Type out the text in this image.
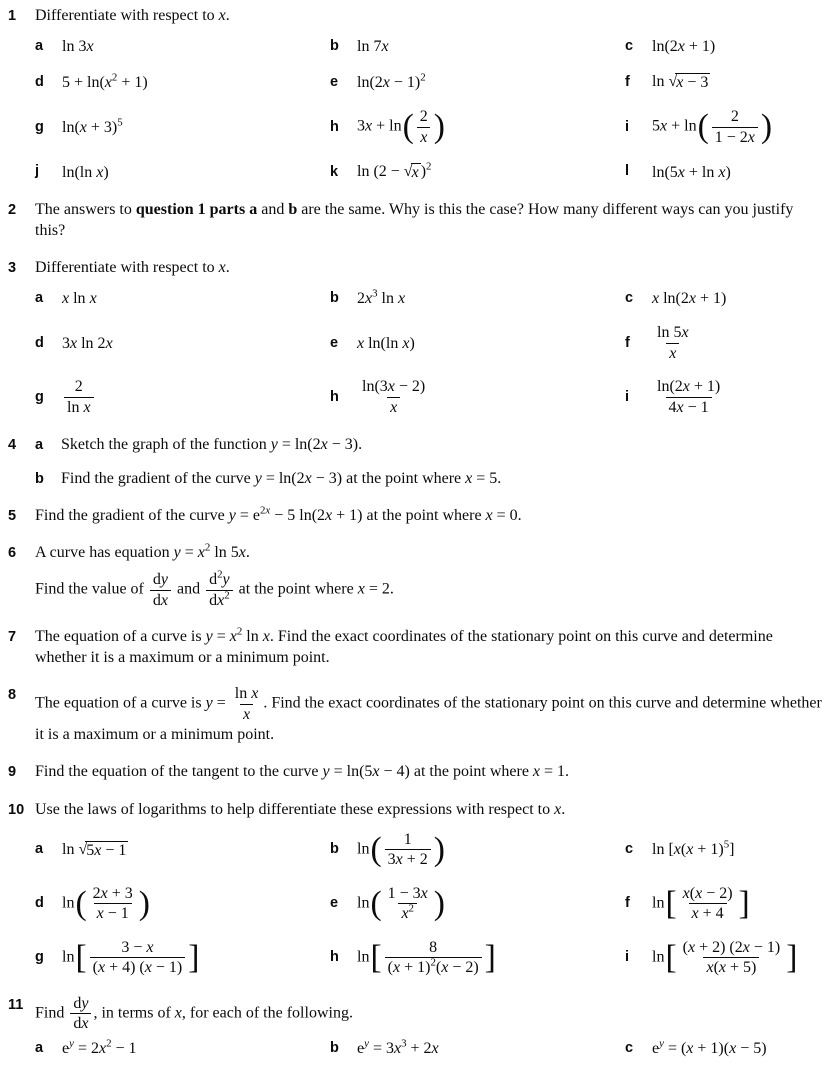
1	Differentiate with respect to x.
a	ln 3x	b	ln 7x	c	ln(2x + 1)
d	$5 + \ln(x^2 + 1)$	e	$\ln(2x - 1)^2$	f	ln √ x − 3
g	$\ln(x + 3)^5$	h	3x + ln ( $\frac{2}{x}$ )	i	5x + ln ( $\frac{2}{1 - 2x}$ )
j	ln(ln x)	k	ln (2 − √ x )$^2$	l	ln(5x + ln x)
2	The answers to question 1 parts a and b are the same. Why is this the case? How many different ways can you justify this?
3	Differentiate with respect to x.
a	x ln x	b	$2x^3$ ln x	c	x ln(2x + 1)
d	3x ln 2x	e	x ln(ln x)	f	$\frac{\ln 5x}{x}$
g	$\frac{2}{\text{ln x}}$	h	$\frac{\ln(3x - 2)}{x}$	i	$\frac{\ln(2x + 1)}{4x - 1}$
4	a	Sketch the graph of the function y = ln(2x − 3).
b	Find the gradient of the curve y = ln(2x − 3) at the point where x = 5.
5	Find the gradient of the curve $y = e^{2x} - 5$ ln(2x + 1) at the point where x = 0.
6	A curve has equation $y = x^2$ ln 5x.
Find the value of $\frac{dy}{dx}$ and $\frac{d^2y}{dx^2}$ at the point where x = 2.
7	The equation of a curve is $y = x^2$ ln x. Find the exact coordinates of the stationary point on this curve and determine whether it is a maximum or a minimum point.
8	The equation of a curve is $y = \frac{\text{ln x}}{x}$ . Find the exact coordinates of the stationary point on this curve and determine whether it is a maximum or a minimum point.
9	Find the equation of the tangent to the curve y = ln(5x − 4) at the point where x = 1.
10 Use the laws of logarithms to help differentiate these expressions with respect to x.
a	ln √ 5x − 1	b	ln ( $\frac{1}{3x + 2}$ )	c	$\ln [x(x + 1)^5]$
d	ln ( $\frac{2x + 3}{x - 1}$ )	e	ln ( $\frac{1 - 3x}{x^2}$ )	f	ln [ $\frac{x(x - 2)}{x + 4}$ ]
g	ln [ $\frac{3 - x}{(x + 4) (x - 1)}$ ]	h	ln [ $\frac{8}{(x + 1)^2(x - 2)}$ ]	i	ln [ $\frac{(x + 2) (2x - 1)}{x(x + 5)}$ ]
11 Find $\frac{dy}{dx}$ , in terms of x, for each of the following.
a	$e^y = 2x^2 - 1$	b	$e^y = 3x^3 + 2x$	c	$e^y = (x + 1)(x - 5)$
